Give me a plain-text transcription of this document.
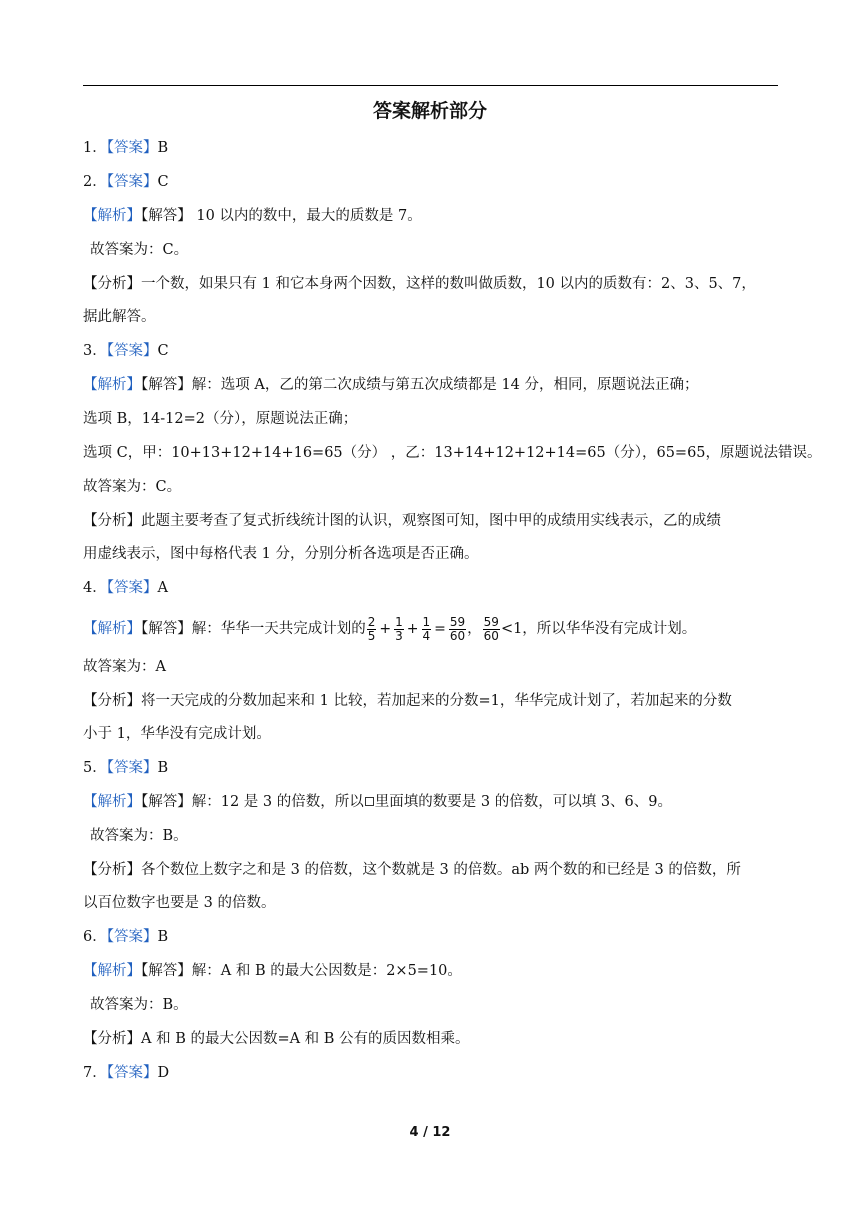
答案解析部分
1．【答案】B
2．【答案】C
【解析】【解答】 10 以内的数中，最大的质数是 7。
故答案为：C。
【分析】一个数，如果只有 1 和它本身两个因数，这样的数叫做质数，10 以内的质数有：2、3、5、7，
据此解答。
3．【答案】C
【解析】【解答】解：选项 A，乙的第二次成绩与第五次成绩都是 14 分，相同，原题说法正确；
选项 B，14-12=2（分），原题说法正确；
选项 C，甲：10+13+12+14+16=65（分） ，乙：13+14+12+12+14=65（分），65=65，原题说法错误。
故答案为：C。
【分析】此题主要考查了复式折线统计图的认识，观察图可知，图中甲的成绩用实线表示，乙的成绩
用虚线表示，图中每格代表 1 分，分别分析各选项是否正确。
4．【答案】A
【解析】【解答】解：华华一天共完成计划的 $\frac{2}{5} + \frac{1}{3} + \frac{1}{4} = \frac{59}{60}$ ， $\frac{59}{60} <1$，所以华华没有完成计划。
故答案为：A
【分析】将一天完成的分数加起来和 1 比较，若加起来的分数=1，华华完成计划了，若加起来的分数
小于 1，华华没有完成计划。
5．【答案】B
【解析】【解答】解：12 是 3 的倍数，所以 里面填的数要是 3 的倍数，可以填 3、6、9。
故答案为：B。
【分析】各个数位上数字之和是 3 的倍数，这个数就是 3 的倍数。ab 两个数的和已经是 3 的倍数，所
以百位数字也要是 3 的倍数。
6．【答案】B
【解析】【解答】解：A 和 B 的最大公因数是：2×5=10。
故答案为：B。
【分析】A 和 B 的最大公因数=A 和 B 公有的质因数相乘。
7．【答案】D
4 / 12
